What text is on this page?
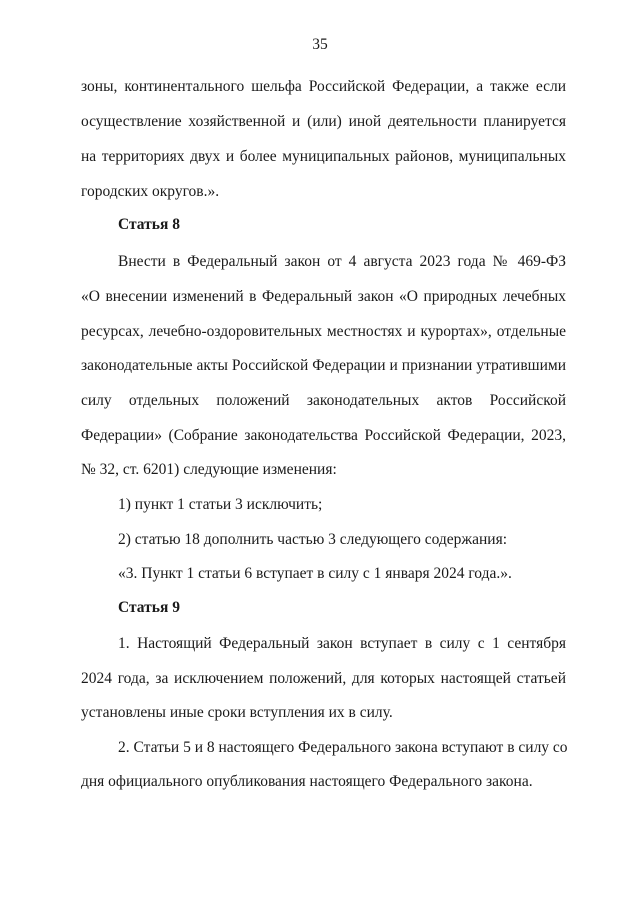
35
зоны, континентального шельфа Российской Федерации, а также если
осуществление хозяйственной и (или) иной деятельности планируется
на территориях двух и более муниципальных районов, муниципальных
городских округов.».
Статья 8
Внести в Федеральный закон от 4 августа 2023 года № 469-ФЗ
«О внесении изменений в Федеральный закон «О природных лечебных
ресурсах, лечебно-оздоровительных местностях и курортах», отдельные
законодательные акты Российской Федерации и признании утратившими
силу отдельных положений законодательных актов Российской
Федерации» (Собрание законодательства Российской Федерации, 2023,
№ 32, ст. 6201) следующие изменения:
1) пункт 1 статьи 3 исключить;
2) статью 18 дополнить частью 3 следующего содержания:
«3. Пункт 1 статьи 6 вступает в силу с 1 января 2024 года.».
Статья 9
1. Настоящий Федеральный закон вступает в силу с 1 сентября
2024 года, за исключением положений, для которых настоящей статьей
установлены иные сроки вступления их в силу.
2. Статьи 5 и 8 настоящего Федерального закона вступают в силу со
дня официального опубликования настоящего Федерального закона.
